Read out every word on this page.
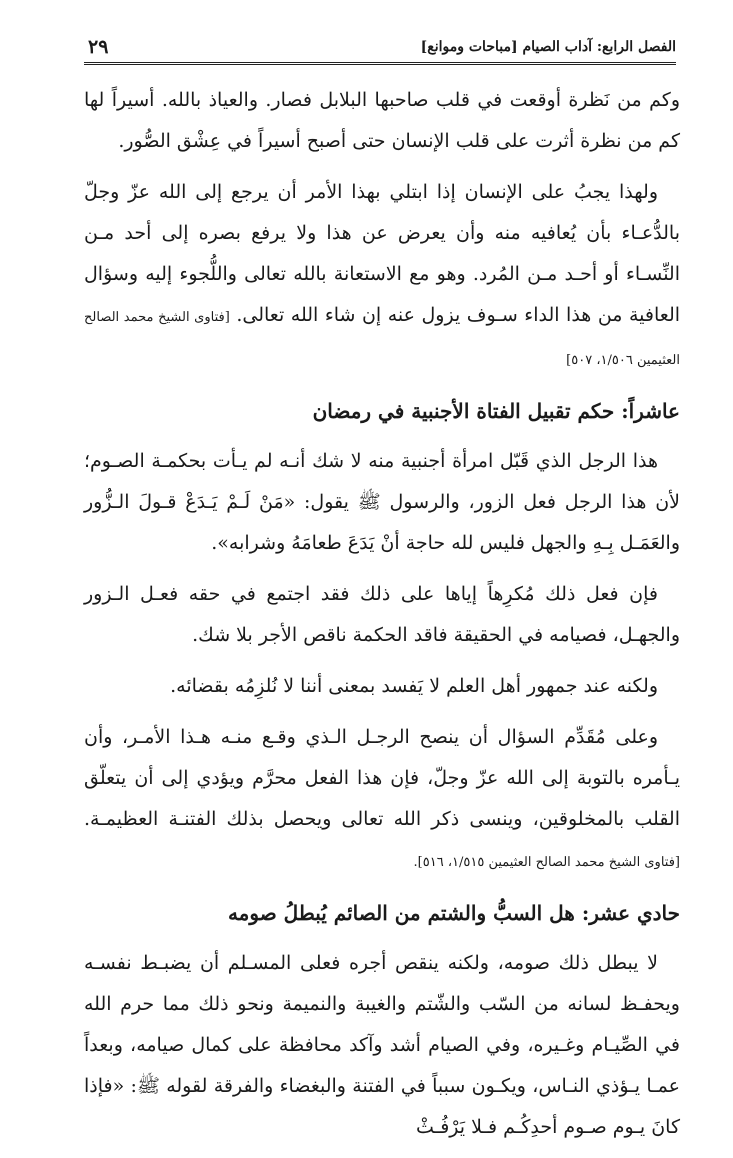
الفصل الرابع: آداب الصيام [مباحات وموانع]
٢٩

وكم من نَظرة أوقعت في قلب صاحبها البلابل فصار. والعياذ بالله. أسيراً لها كم من نظرة أثرت على قلب الإنسان حتى أصبح أسيراً في عِشْق الصُّور.

ولهذا يجبُ على الإنسان إذا ابتلي بهذا الأمر أن يرجع إلى الله عزّ وجلّ بالدُّعـاء بأن يُعافيه منه وأن يعرض عن هذا ولا يرفع بصره إلى أحد مـن النِّسـاء أو أحـد مـن المُرد. وهو مع الاستعانة بالله تعالى واللُّجوء إليه وسؤال العافية من هذا الداء سـوف يزول عنه إن شاء الله تعالى. [فتاوى الشيخ محمد الصالح العثيمين ١/٥٠٦، ٥٠٧]

عاشراً: حكم تقبيل الفتاة الأجنبية في رمضان

هذا الرجل الذي قَبّل امرأة أجنبية منه لا شك أنـه لم يـأت بحكمـة الصـوم؛ لأن هذا الرجل فعل الزور، والرسول ﷺ يقول: «مَنْ لَـمْ يَـدَعْ قـولَ الـزُّور والعَمَـل بِـهِ والجهل فليس لله حاجة أنْ يَدَعَ طعامَهُ وشرابه».

فإن فعل ذلك مُكرِهاً إياها على ذلك فقد اجتمع في حقه فعـل الـزور والجهـل، فصيامه في الحقيقة فاقد الحكمة ناقص الأجر بلا شك.

ولكنه عند جمهور أهل العلم لا يَفسد بمعنى أننا لا نُلزِمُه بقضائه.

وعلى مُقَدِّم السؤال أن ينصح الرجـل الـذي وقـع منـه هـذا الأمـر، وأن يـأمره بالتوبة إلى الله عزّ وجلّ، فإن هذا الفعل محرَّم ويؤدي إلى أن يتعلّق القلب بالمخلوقين، وينسى ذكر الله تعالى ويحصل بذلك الفتنـة العظيمـة. [فتاوى الشيخ محمد الصالح العثيمين ١/٥١٥، ٥١٦].

حادي عشر: هل السبُّ والشتم من الصائم يُبطلُ صومه

لا يبطل ذلك صومه، ولكنه ينقص أجره فعلى المسـلم أن يضبـط نفسـه ويحفـظ لسانه من السّب والشّتم والغيبة والنميمة ونحو ذلك مما حرم الله في الصِّيـام وغـيره، وفي الصيام أشد وآكد محافظة على كمال صيامه، وبعداً عمـا يـؤذي النـاس، ويكـون سبباً في الفتنة والبغضاء والفرقة لقوله ﷺ: «فإذا كانَ يـوم صـوم أحدِكُـم فـلا يَرْفُـثْ
